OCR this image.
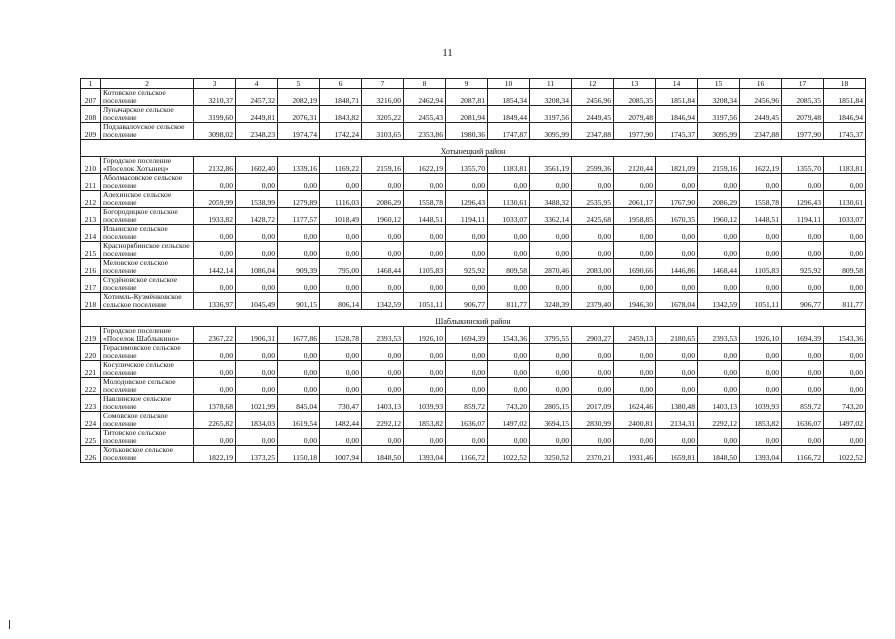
11
1	2	3	4	5	6	7	8	9	10	11	12	13	14	15	16	17	18
207	Котовское сельское поселение	3210,37	2457,32	2082,19	1848,71	3216,00	2462,94	2087,81	1854,34	3208,34	2456,96	2085,35	1851,84	3208,34	2456,96	2085,35	1851,84
208	Луначарское сельское поселение	3199,60	2449,81	2076,31	1843,82	3205,22	2455,43	2081,94	1849,44	3197,56	2449,45	2079,48	1846,94	3197,56	2449,45	2079,48	1846,94
209	Подзавалovское сельское поселение	3098,02	2348,23	1974,74	1742,24	3103,65	2353,86	1980,36	1747,87	3095,99	2347,88	1977,90	1745,37	3095,99	2347,88	1977,90	1745,37
Хотынецкий район																	
210	Городское поселение «Поселок Хотынец»	2132,86	1602,40	1339,16	1169,22	2159,16	1622,19	1355,70	1183,81	3561,19	2599,36	2120,44	1821,09	2159,16	1622,19	1355,70	1183,81
211	Аболмасовское сельское поселение	0,00	0,00	0,00	0,00	0,00	0,00	0,00	0,00	0,00	0,00	0,00	0,00	0,00	0,00	0,00	0,00
212	Алехинское сельское поселение	2059,99	1538,99	1279,89	1116,03	2086,29	1558,78	1296,43	1130,61	3488,32	2535,95	2061,17	1767,90	2086,29	1558,78	1296,43	1130,61
213	Богородицкое сельское поселение	1933,82	1428,72	1177,57	1018,49	1960,12	1448,51	1194,11	1033,07	3362,14	2425,68	1958,85	1670,35	1960,12	1448,51	1194,11	1033,07
214	Ильинское сельское поселение	0,00	0,00	0,00	0,00	0,00	0,00	0,00	0,00	0,00	0,00	0,00	0,00	0,00	0,00	0,00	0,00
215	Краснорябинское сельское поселение	0,00	0,00	0,00	0,00	0,00	0,00	0,00	0,00	0,00	0,00	0,00	0,00	0,00	0,00	0,00	0,00
216	Меловское сельское поселение	1442,14	1086,04	909,39	795,00	1468,44	1105,83	925,92	809,58	2870,46	2083,00	1690,66	1446,86	1468,44	1105,83	925,92	809,58
217	Студёновское сельское поселение	0,00	0,00	0,00	0,00	0,00	0,00	0,00	0,00	0,00	0,00	0,00	0,00	0,00	0,00	0,00	0,00
218	Хотимль-Кузмёнковское сельское поселение	1336,97	1045,49	901,15	806,14	1342,59	1051,11	906,77	811,77	3248,39	2379,40	1946,30	1678,04	1342,59	1051,11	906,77	811,77
Шаблыкинский район																	
219	Городское поселение «Поселок Шаблыкино»	2367,22	1906,31	1677,86	1528,78	2393,53	1926,10	1694,39	1543,36	3795,55	2903,27	2459,13	2180,65	2393,53	1926,10	1694,39	1543,36
220	Герасимовское сельское поселение	0,00	0,00	0,00	0,00	0,00	0,00	0,00	0,00	0,00	0,00	0,00	0,00	0,00	0,00	0,00	0,00
221	Косуличское сельское поселение	0,00	0,00	0,00	0,00	0,00	0,00	0,00	0,00	0,00	0,00	0,00	0,00	0,00	0,00	0,00	0,00
222	Молодовское сельское поселение	0,00	0,00	0,00	0,00	0,00	0,00	0,00	0,00	0,00	0,00	0,00	0,00	0,00	0,00	0,00	0,00
223	Навлинское сельское поселение	1378,68	1021,99	845,04	730,47	1403,13	1039,93	859,72	743,20	2805,15	2017,09	1624,46	1380,48	1403,13	1039,93	859,72	743,20
224	Сомовское сельское поселение	2265,82	1834,03	1619,54	1482,44	2292,12	1853,82	1636,07	1497,02	3694,15	2830,99	2400,81	2134,31	2292,12	1853,82	1636,07	1497,02
225	Титовское сельское поселение	0,00	0,00	0,00	0,00	0,00	0,00	0,00	0,00	0,00	0,00	0,00	0,00	0,00	0,00	0,00	0,00
226	Хотьковское сельское поселение	1822,19	1373,25	1150,18	1007,94	1848,50	1393,04	1166,72	1022,52	3250,52	2370,21	1931,46	1659,81	1848,50	1393,04	1166,72	1022,52
